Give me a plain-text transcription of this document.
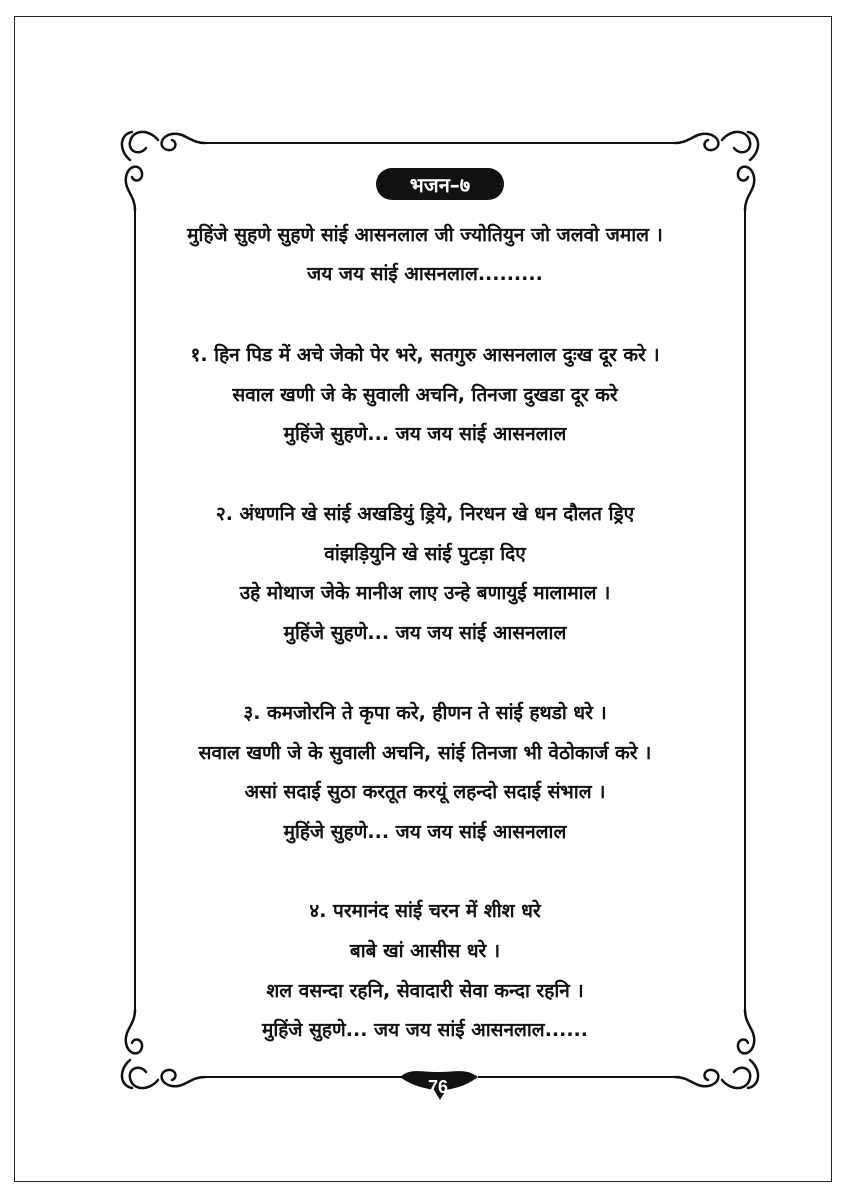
भजन–७
मुहिंजे सुहणे सुहणे सांई आसनलाल जी ज्योतियुन जो जलवो जमाल ।
जय जय सांई आसनलाल.........
१. हिन पिड में अचे जेको पेर भरे, सतगुरु आसनलाल दुःख दूर करे ।
सवाल खणी जे के सुवाली अचनि, तिनजा दुखडा दूर करे
मुहिंजे सुहणे... जय जय सांई आसनलाल
२. अंधणनि खे सांई अखडियुं ड्रिये, निरधन खे धन दौलत ड्रिए
वांझड़ियुनि खे सांई पुटड़ा दिए
उहे मोथाज जेके मानीअ लाए उन्हे बणायुई मालामाल ।
मुहिंजे सुहणे... जय जय सांई आसनलाल
३. कमजोरनि ते कृपा करे, हीणन ते सांई हथडो धरे ।
सवाल खणी जे के सुवाली अचनि, सांई तिनजा भी वेठोकार्ज करे ।
असां सदाई सुठा करतूत करयूं लहन्दो सदाई संभाल ।
मुहिंजे सुहणे... जय जय सांई आसनलाल
४. परमानंद सांई चरन में शीश धरे
बाबे खां आसीस धरे ।
शल वसन्दा रहनि, सेवादारी सेवा कन्दा रहनि ।
मुहिंजे सुहणे... जय जय सांई आसनलाल......
76
